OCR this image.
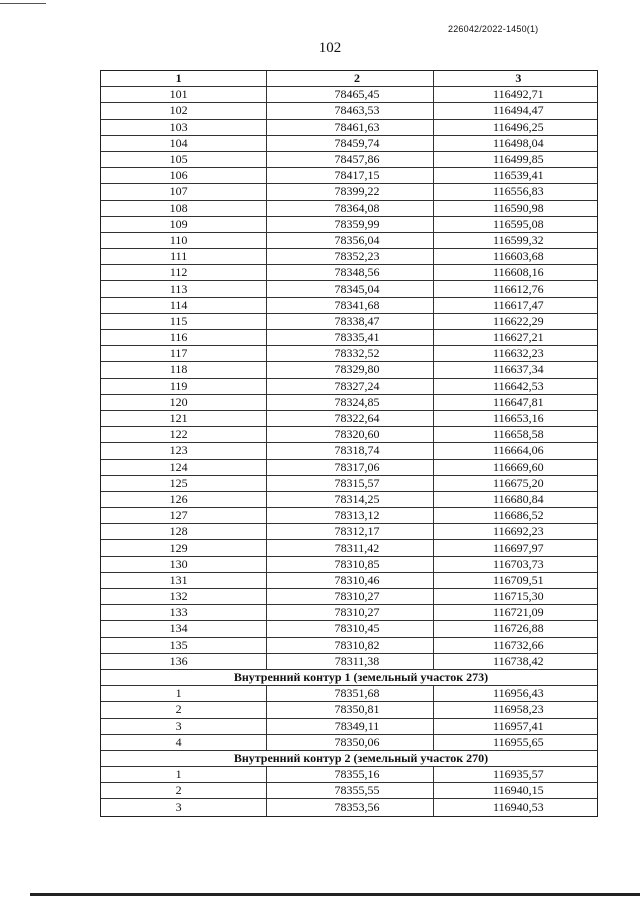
226042/2022-1450(1)
102
1	2	3
101	78465,45	116492,71
102	78463,53	116494,47
103	78461,63	116496,25
104	78459,74	116498,04
105	78457,86	116499,85
106	78417,15	116539,41
107	78399,22	116556,83
108	78364,08	116590,98
109	78359,99	116595,08
110	78356,04	116599,32
111	78352,23	116603,68
112	78348,56	116608,16
113	78345,04	116612,76
114	78341,68	116617,47
115	78338,47	116622,29
116	78335,41	116627,21
117	78332,52	116632,23
118	78329,80	116637,34
119	78327,24	116642,53
120	78324,85	116647,81
121	78322,64	116653,16
122	78320,60	116658,58
123	78318,74	116664,06
124	78317,06	116669,60
125	78315,57	116675,20
126	78314,25	116680,84
127	78313,12	116686,52
128	78312,17	116692,23
129	78311,42	116697,97
130	78310,85	116703,73
131	78310,46	116709,51
132	78310,27	116715,30
133	78310,27	116721,09
134	78310,45	116726,88
135	78310,82	116732,66
136	78311,38	116738,42
Внутренний контур 1 (земельный участок 273)
1	78351,68	116956,43
2	78350,81	116958,23
3	78349,11	116957,41
4	78350,06	116955,65
Внутренний контур 2 (земельный участок 270)
1	78355,16	116935,57
2	78355,55	116940,15
3	78353,56	116940,53
